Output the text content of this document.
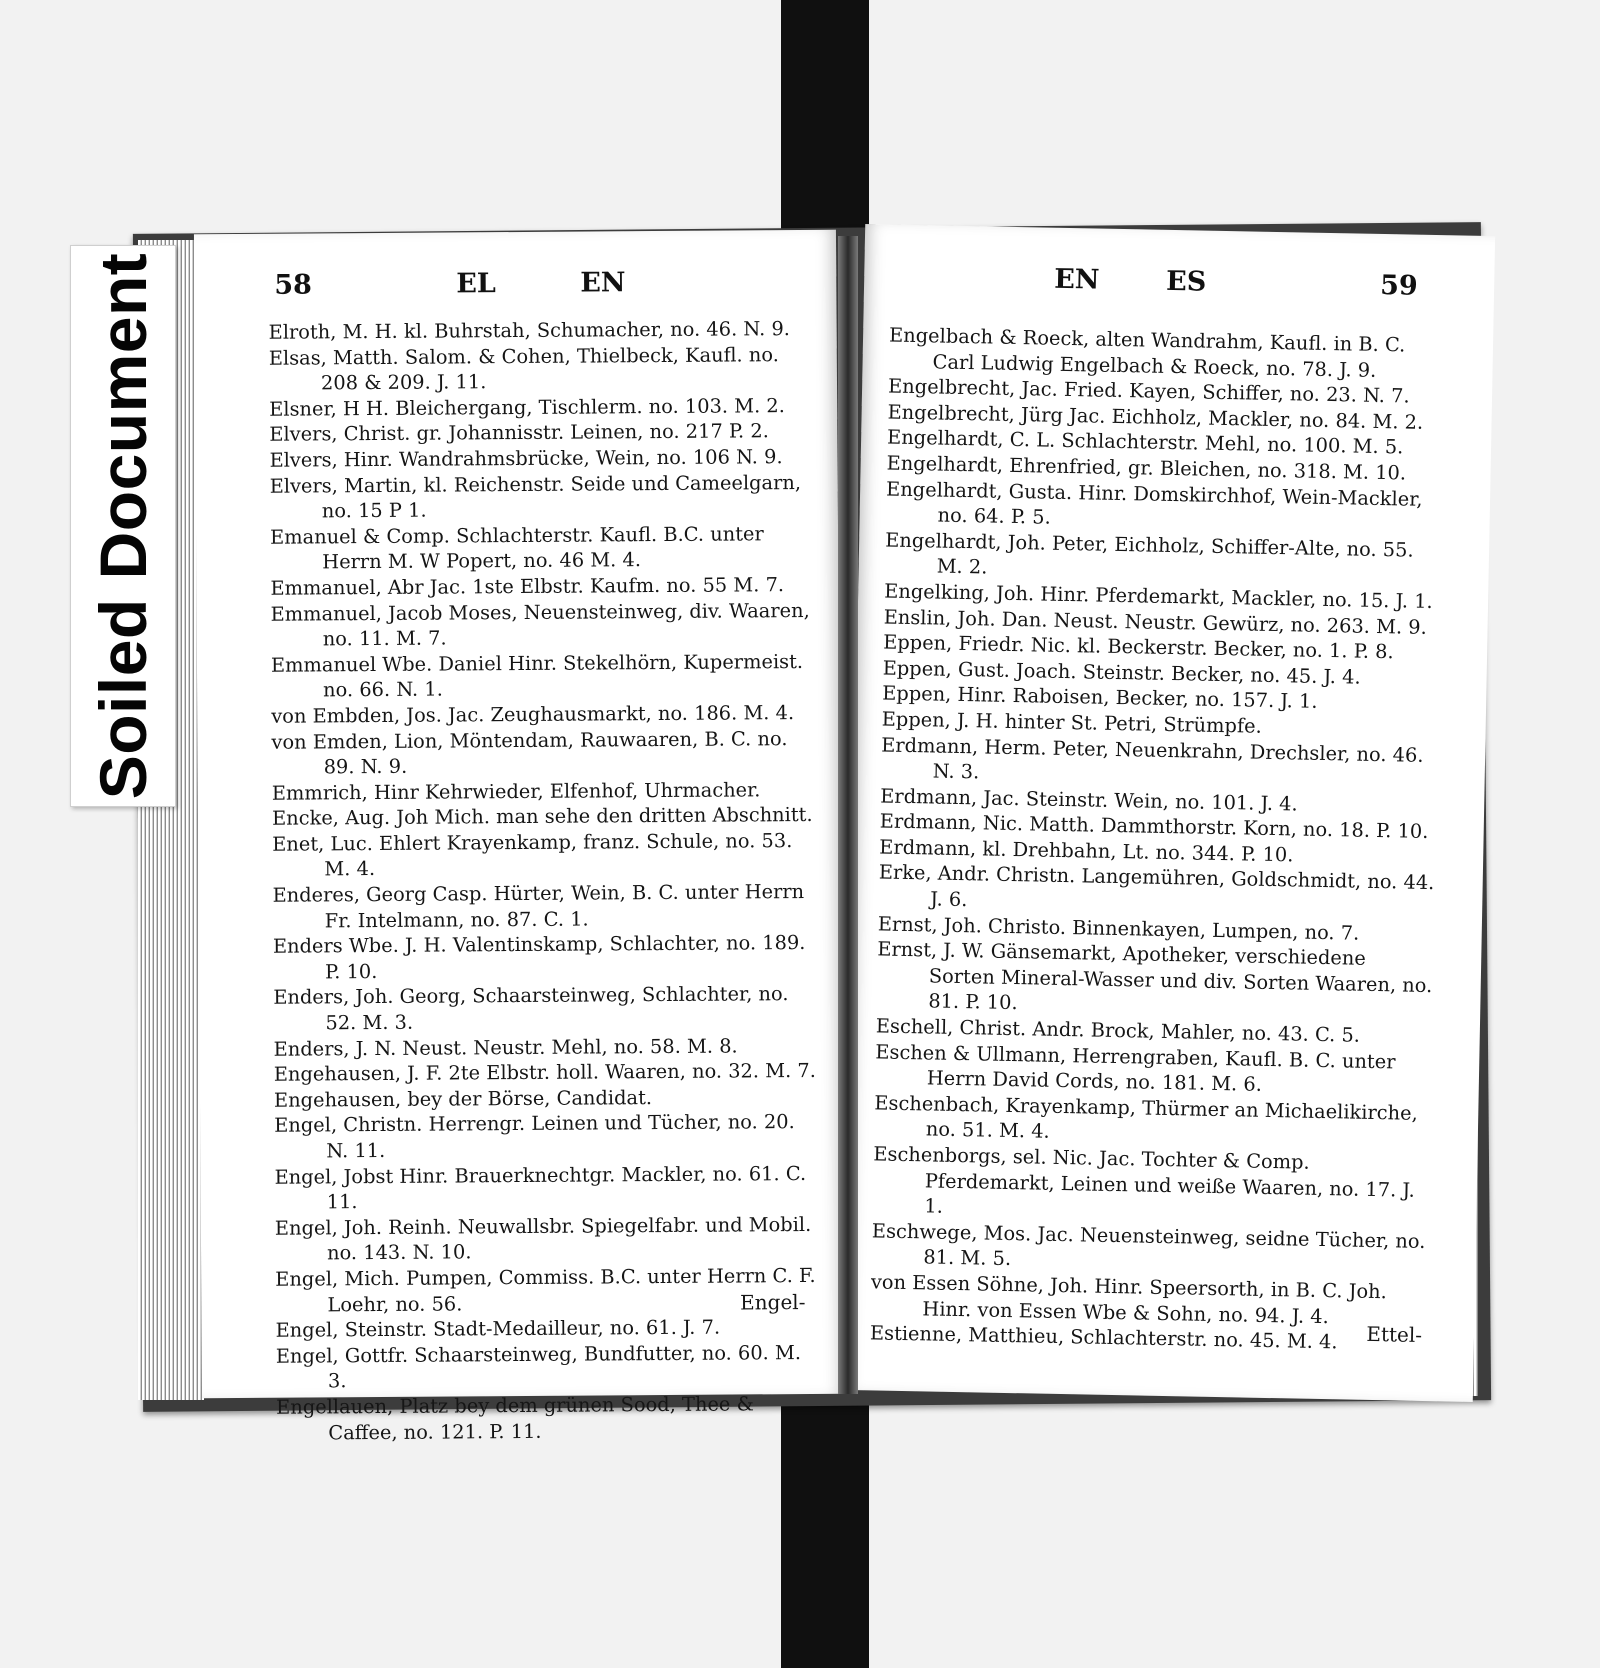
58	EL	EN
Elroth, M. H. kl. Buhrstah, Schumacher, no. 46. N. 9.
Elsas, Matth. Salom. & Cohen, Thielbeck, Kaufl. no. 208 & 209. J. 11.
Elsner, H H. Bleichergang, Tischlerm. no. 103. M. 2.
Elvers, Christ. gr. Johannisstr. Leinen, no. 217 P. 2.
Elvers, Hinr. Wandrahmsbrücke, Wein, no. 106 N. 9.
Elvers, Martin, kl. Reichenstr. Seide und Cameelgarn, no. 15 P 1.
Emanuel & Comp. Schlachterstr. Kaufl. B.C. unter Herrn M. W Popert, no. 46 M. 4.
Emmanuel, Abr Jac. 1ste Elbstr. Kaufm. no. 55 M. 7.
Emmanuel, Jacob Moses, Neuensteinweg, div. Waaren, no. 11. M. 7.
Emmanuel Wbe. Daniel Hinr. Stekelhörn, Kupermeist. no. 66. N. 1.
von Embden, Jos. Jac. Zeughausmarkt, no. 186. M. 4.
von Emden, Lion, Möntendam, Rauwaaren, B. C. no. 89. N. 9.
Emmrich, Hinr Kehrwieder, Elfenhof, Uhrmacher.
Encke, Aug. Joh Mich. man sehe den dritten Abschnitt.
Enet, Luc. Ehlert Krayenkamp, franz. Schule, no. 53. M. 4.
Enderes, Georg Casp. Hürter, Wein, B. C. unter Herrn Fr. Intelmann, no. 87. C. 1.
Enders Wbe. J. H. Valentinskamp, Schlachter, no. 189. P. 10.
Enders, Joh. Georg, Schaarsteinweg, Schlachter, no. 52. M. 3.
Enders, J. N. Neust. Neustr. Mehl, no. 58. M. 8.
Engehausen, J. F. 2te Elbstr. holl. Waaren, no. 32. M. 7.
Engehausen, bey der Börse, Candidat.
Engel, Christn. Herrengr. Leinen und Tücher, no. 20. N. 11.
Engel, Jobst Hinr. Brauerknechtgr. Mackler, no. 61. C. 11.
Engel, Joh. Reinh. Neuwallsbr. Spiegelfabr. und Mobil. no. 143. N. 10.
Engel, Mich. Pumpen, Commiss. B.C. unter Herrn C. F. Loehr, no. 56.
Engel, Steinstr. Stadt-Medailleur, no. 61. J. 7.
Engel, Gottfr. Schaarsteinweg, Bundfutter, no. 60. M. 3.
Engellauen, Platz bey dem grünen Sood, Thee & Caffee, no. 121. P. 11.
Engel-
EN ES	59
Engelbach & Roeck, alten Wandrahm, Kaufl. in B. C.
Carl Ludwig Engelbach & Roeck, no. 78. J. 9.
Engelbrecht, Jac. Fried. Kayen, Schiffer, no. 23. N. 7.
Engelbrecht, Jürg Jac. Eichholz, Mackler, no. 84. M. 2.
Engelhardt, C. L. Schlachterstr. Mehl, no. 100. M. 5.
Engelhardt, Ehrenfried, gr. Bleichen, no. 318. M. 10.
Engelhardt, Gusta. Hinr. Domskirchhof, Wein-Mackler, no. 64. P. 5.
Engelhardt, Joh. Peter, Eichholz, Schiffer-Alte, no. 55. M. 2.
Engelking, Joh. Hinr. Pferdemarkt, Mackler, no. 15. J. 1.
Enslin, Joh. Dan. Neust. Neustr. Gewürz, no. 263. M. 9.
Eppen, Friedr. Nic. kl. Beckerstr. Becker, no. 1. P. 8.
Eppen, Gust. Joach. Steinstr. Becker, no. 45. J. 4.
Eppen, Hinr. Raboisen, Becker, no. 157. J. 1.
Eppen, J. H. hinter St. Petri, Strümpfe.
Erdmann, Herm. Peter, Neuenkrahn, Drechsler, no. 46. N. 3.
Erdmann, Jac. Steinstr. Wein, no. 101. J. 4.
Erdmann, Nic. Matth. Dammthorstr. Korn, no. 18. P. 10.
Erdmann, kl. Drehbahn, Lt. no. 344. P. 10.
Erke, Andr. Christn. Langemühren, Goldschmidt, no. 44. J. 6.
Ernst, Joh. Christo. Binnenkayen, Lumpen, no. 7.
Ernst, J. W. Gänsemarkt, Apotheker, verschiedene Sorten Mineral-Wasser und div. Sorten Waaren, no. 81. P. 10.
Eschell, Christ. Andr. Brock, Mahler, no. 43. C. 5.
Eschen & Ullmann, Herrengraben, Kaufl. B. C. unter Herrn David Cords, no. 181. M. 6.
Eschenbach, Krayenkamp, Thürmer an Michaelikirche, no. 51. M. 4.
Eschenborgs, sel. Nic. Jac. Tochter & Comp. Pferdemarkt, Leinen und weiße Waaren, no. 17. J. 1.
Eschwege, Mos. Jac. Neuensteinweg, seidne Tücher, no. 81. M. 5.
von Essen Söhne, Joh. Hinr. Speersorth, in B. C. Joh. Hinr. von Essen Wbe & Sohn, no. 94. J. 4.
Estienne, Matthieu, Schlachterstr. no. 45. M. 4.	Ettel-
Soiled Document
